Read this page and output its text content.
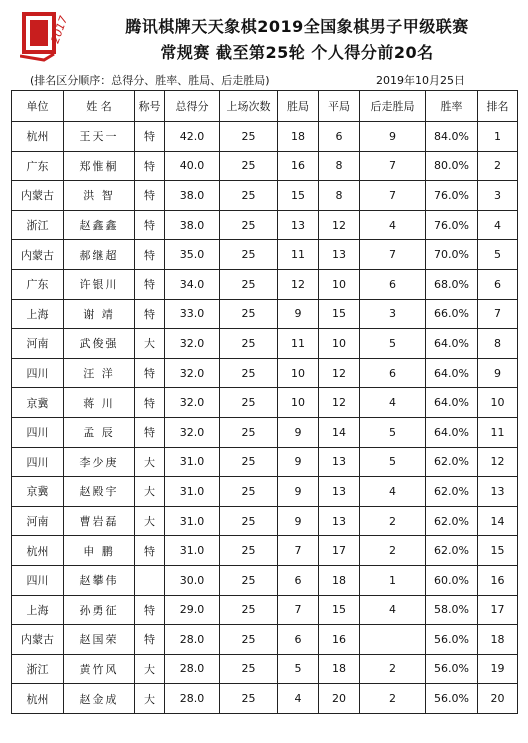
2017	腾讯棋牌天天象棋2019全国象棋男子甲级联赛
常规赛 截至第25轮 个人得分前20名
(排名区分顺序：总得分、胜率、胜局、后走胜局)	2019年10月25日
单位	姓 名	称号	总得分	上场次数	胜局	平局	后走胜局	胜率	排名
杭州	王天一	特	42.0	25	18	6	9	84.0%	1
广东	郑惟桐	特	40.0	25	16	8	7	80.0%	2
内蒙古	洪 智	特	38.0	25	15	8	7	76.0%	3
浙江	赵鑫鑫	特	38.0	25	13	12	4	76.0%	4
内蒙古	郝继超	特	35.0	25	11	13	7	70.0%	5
广东	许银川	特	34.0	25	12	10	6	68.0%	6
上海	谢 靖	特	33.0	25	9	15	3	66.0%	7
河南	武俊强	大	32.0	25	11	10	5	64.0%	8
四川	汪 洋	特	32.0	25	10	12	6	64.0%	9
京冀	蒋 川	特	32.0	25	10	12	4	64.0%	10
四川	孟 辰	特	32.0	25	9	14	5	64.0%	11
四川	李少庚	大	31.0	25	9	13	5	62.0%	12
京冀	赵殿宇	大	31.0	25	9	13	4	62.0%	13
河南	曹岩磊	大	31.0	25	9	13	2	62.0%	14
杭州	申 鹏	特	31.0	25	7	17	2	62.0%	15
四川	赵攀伟		30.0	25	6	18	1	60.0%	16
上海	孙勇征	特	29.0	25	7	15	4	58.0%	17
内蒙古	赵国荣	特	28.0	25	6	16		56.0%	18
浙江	黄竹风	大	28.0	25	5	18	2	56.0%	19
杭州	赵金成	大	28.0	25	4	20	2	56.0%	20
